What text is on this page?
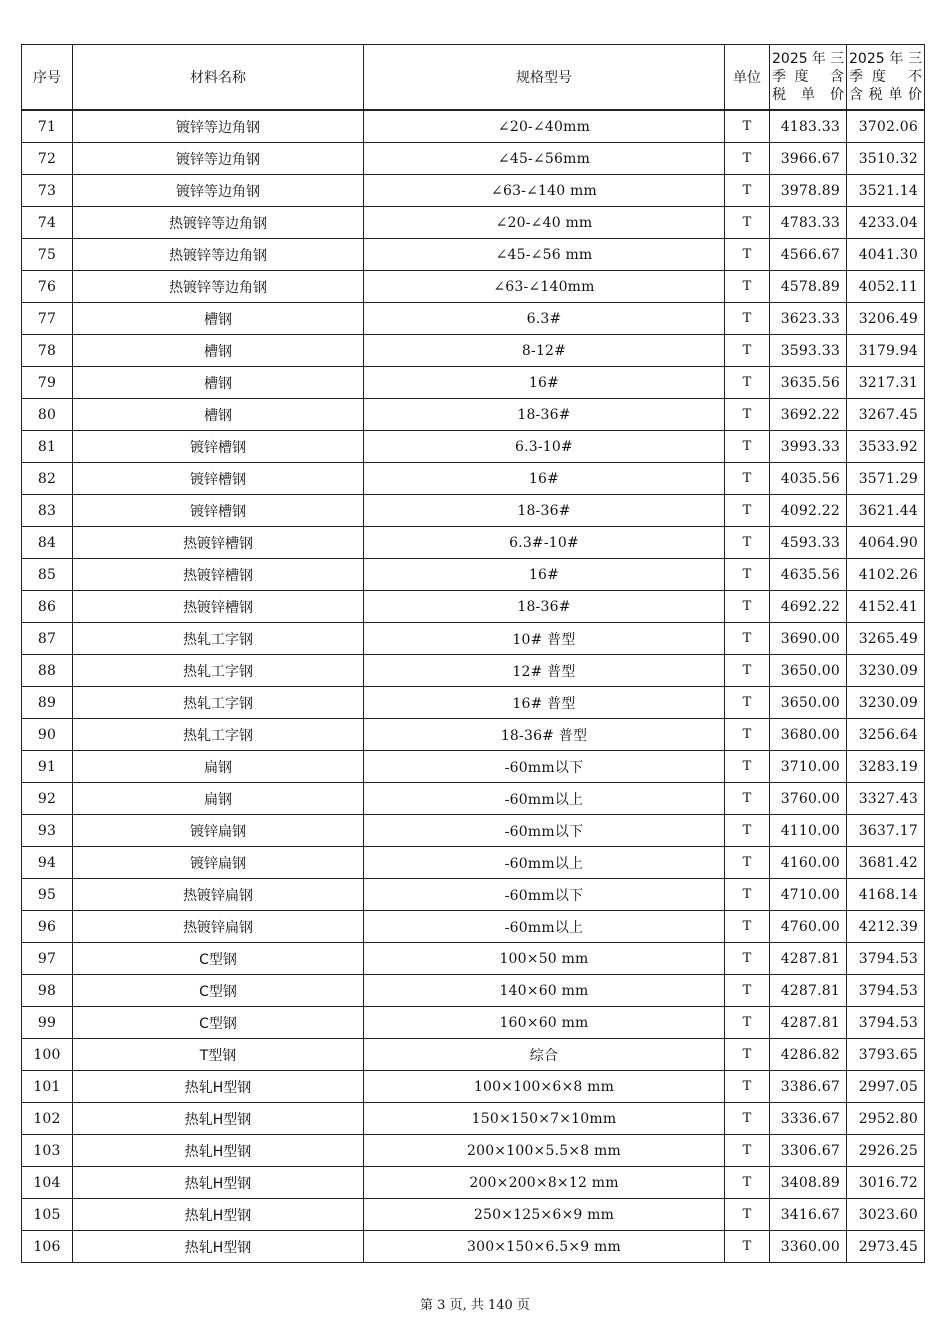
序号	材料名称	规格型号	单位	2025年三
季度 含
税单价	2025年三
季度 不
含税单价

71	镀锌等边角钢	∠20-∠40mm	T	4183.33	3702.06
72	镀锌等边角钢	∠45-∠56mm	T	3966.67	3510.32
73	镀锌等边角钢	∠63-∠140 mm	T	3978.89	3521.14
74	热镀锌等边角钢	∠20-∠40 mm	T	4783.33	4233.04
75	热镀锌等边角钢	∠45-∠56 mm	T	4566.67	4041.30
76	热镀锌等边角钢	∠63-∠140mm	T	4578.89	4052.11
77	槽钢	6.3#	T	3623.33	3206.49
78	槽钢	8-12#	T	3593.33	3179.94
79	槽钢	16#	T	3635.56	3217.31
80	槽钢	18-36#	T	3692.22	3267.45
81	镀锌槽钢	6.3-10#	T	3993.33	3533.92
82	镀锌槽钢	16#	T	4035.56	3571.29
83	镀锌槽钢	18-36#	T	4092.22	3621.44
84	热镀锌槽钢	6.3#-10#	T	4593.33	4064.90
85	热镀锌槽钢	16#	T	4635.56	4102.26
86	热镀锌槽钢	18-36#	T	4692.22	4152.41
87	热轧工字钢	10# 普型	T	3690.00	3265.49
88	热轧工字钢	12# 普型	T	3650.00	3230.09
89	热轧工字钢	16# 普型	T	3650.00	3230.09
90	热轧工字钢	18-36# 普型	T	3680.00	3256.64
91	扁钢	-60mm以下	T	3710.00	3283.19
92	扁钢	-60mm以上	T	3760.00	3327.43
93	镀锌扁钢	-60mm以下	T	4110.00	3637.17
94	镀锌扁钢	-60mm以上	T	4160.00	3681.42
95	热镀锌扁钢	-60mm以下	T	4710.00	4168.14
96	热镀锌扁钢	-60mm以上	T	4760.00	4212.39
97	C型钢	100×50 mm	T	4287.81	3794.53
98	C型钢	140×60 mm	T	4287.81	3794.53
99	C型钢	160×60 mm	T	4287.81	3794.53
100	T型钢	综合	T	4286.82	3793.65
101	热轧H型钢	100×100×6×8 mm	T	3386.67	2997.05
102	热轧H型钢	150×150×7×10mm	T	3336.67	2952.80
103	热轧H型钢	200×100×5.5×8 mm	T	3306.67	2926.25
104	热轧H型钢	200×200×8×12 mm	T	3408.89	3016.72
105	热轧H型钢	250×125×6×9 mm	T	3416.67	3023.60
106	热轧H型钢	300×150×6.5×9 mm	T	3360.00	2973.45
第 3 页, 共 140 页
